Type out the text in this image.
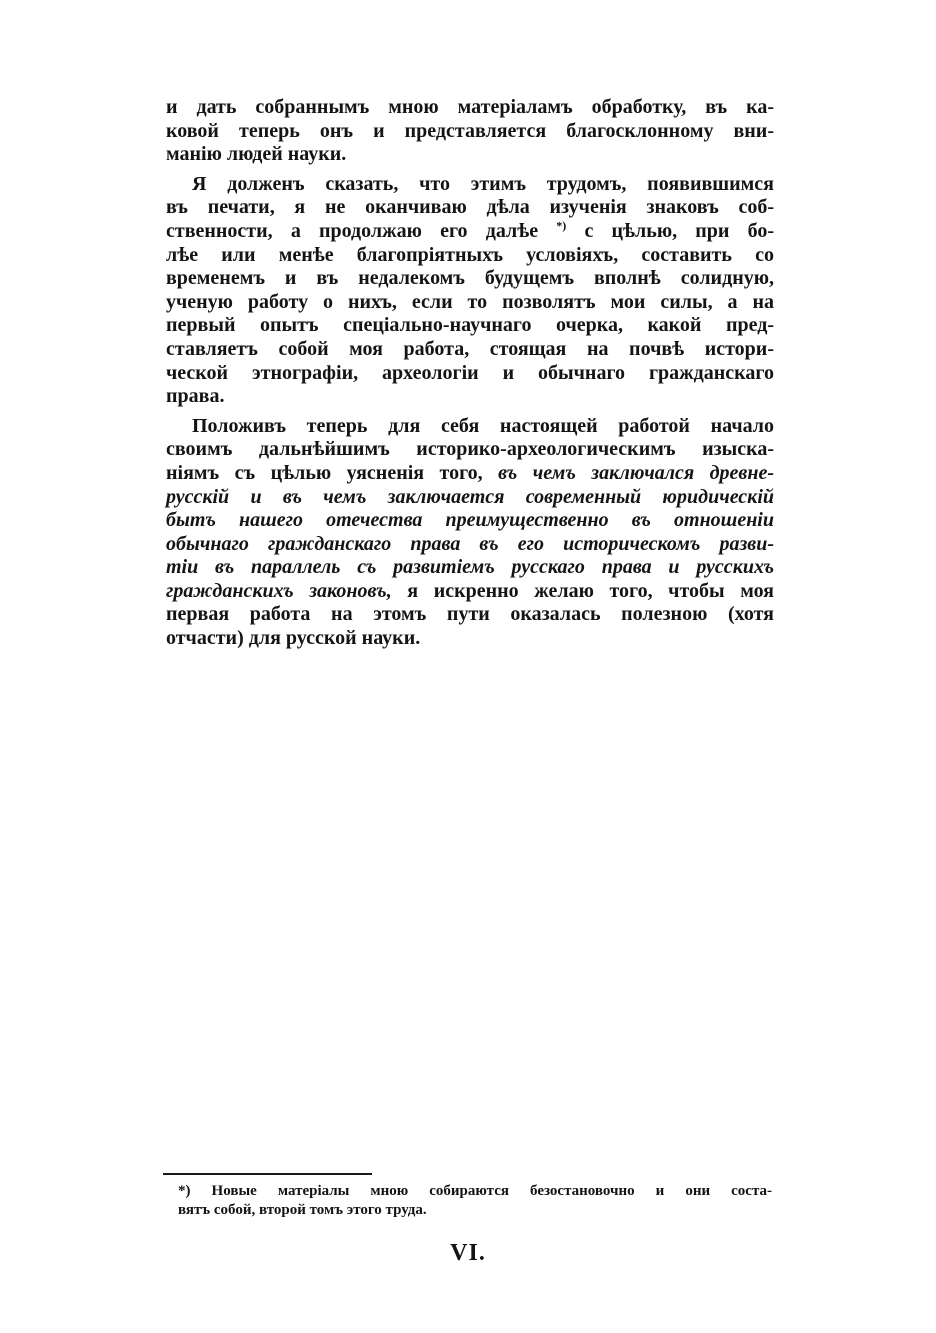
и дать собраннымъ мною матеріаламъ обработку, въ ка-
ковой теперь онъ и представляется благосклонному вни-
манію людей науки.

Я долженъ сказать, что этимъ трудомъ, появившимся
въ печати, я не оканчиваю дѣла изученія знаковъ соб-
ственности, а продолжаю его далѣе *) с цѣлью, при бо-
лѣе или менѣе благопріятныхъ условіяхъ, составить со
временемъ и въ недалекомъ будущемъ вполнѣ солидную,
ученую работу о нихъ, если то позволятъ мои силы, а на
первый опытъ спеціально-научнаго очерка, какой пред-
ставляетъ собой моя работа, стоящая на почвѣ истори-
ческой этнографіи, археологіи и обычнаго гражданскаго
права.

Положивъ теперь для себя настоящей работой начало
своимъ дальнѣйшимъ историко-археологическимъ изыска-
ніямъ съ цѣлью уясненія того, въ чемъ заключался древне-
русскій и въ чемъ заключается современный юридическій
бытъ нашего отечества преимущественно въ отношеніи
обычнаго гражданскаго права въ его историческомъ разви-
тіи въ параллель съ развитіемъ русскаго права и русскихъ
гражданскихъ законовъ, я искренно желаю того, чтобы моя
первая работа на этомъ пути оказалась полезною (хотя
отчасти) для русской науки.

*) Новые матеріалы мною собираются безостановочно и они соста-
вятъ собой, второй томъ этого труда.
VI.
